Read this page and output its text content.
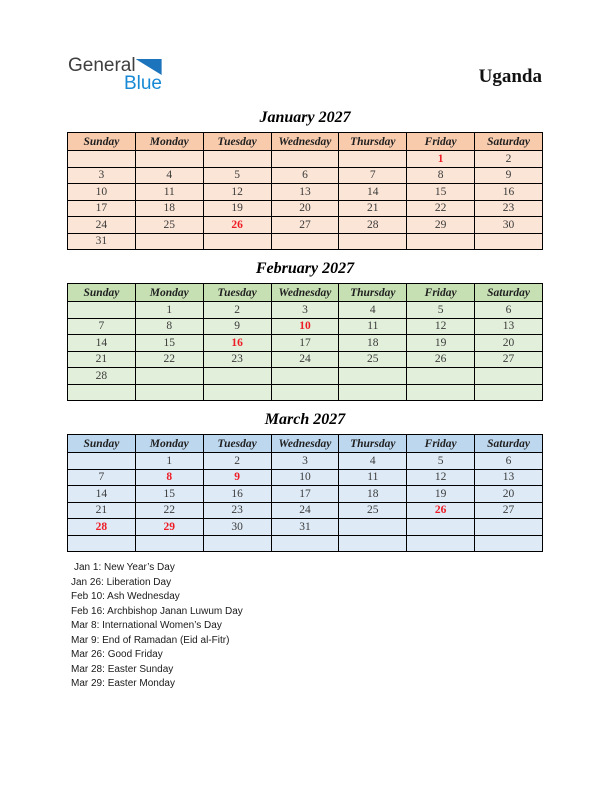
General
Blue	Uganda
January 2027
Sunday	Monday	Tuesday	Wednesday	Thursday	Friday	Saturday
					1	2
3	4	5	6	7	8	9
10	11	12	13	14	15	16
17	18	19	20	21	22	23
24	25	26	27	28	29	30
31						
February 2027
Sunday	Monday	Tuesday	Wednesday	Thursday	Friday	Saturday
	1	2	3	4	5	6
7	8	9	10	11	12	13
14	15	16	17	18	19	20
21	22	23	24	25	26	27
28						

March 2027
Sunday	Monday	Tuesday	Wednesday	Thursday	Friday	Saturday
	1	2	3	4	5	6
7	8	9	10	11	12	13
14	15	16	17	18	19	20
21	22	23	24	25	26	27
28	29	30	31			

Jan 1: New Year’s Day
Jan 26: Liberation Day
Feb 10: Ash Wednesday
Feb 16: Archbishop Janan Luwum Day
Mar 8: International Women’s Day
Mar 9: End of Ramadan (Eid al-Fitr)
Mar 26: Good Friday
Mar 28: Easter Sunday
Mar 29: Easter Monday
